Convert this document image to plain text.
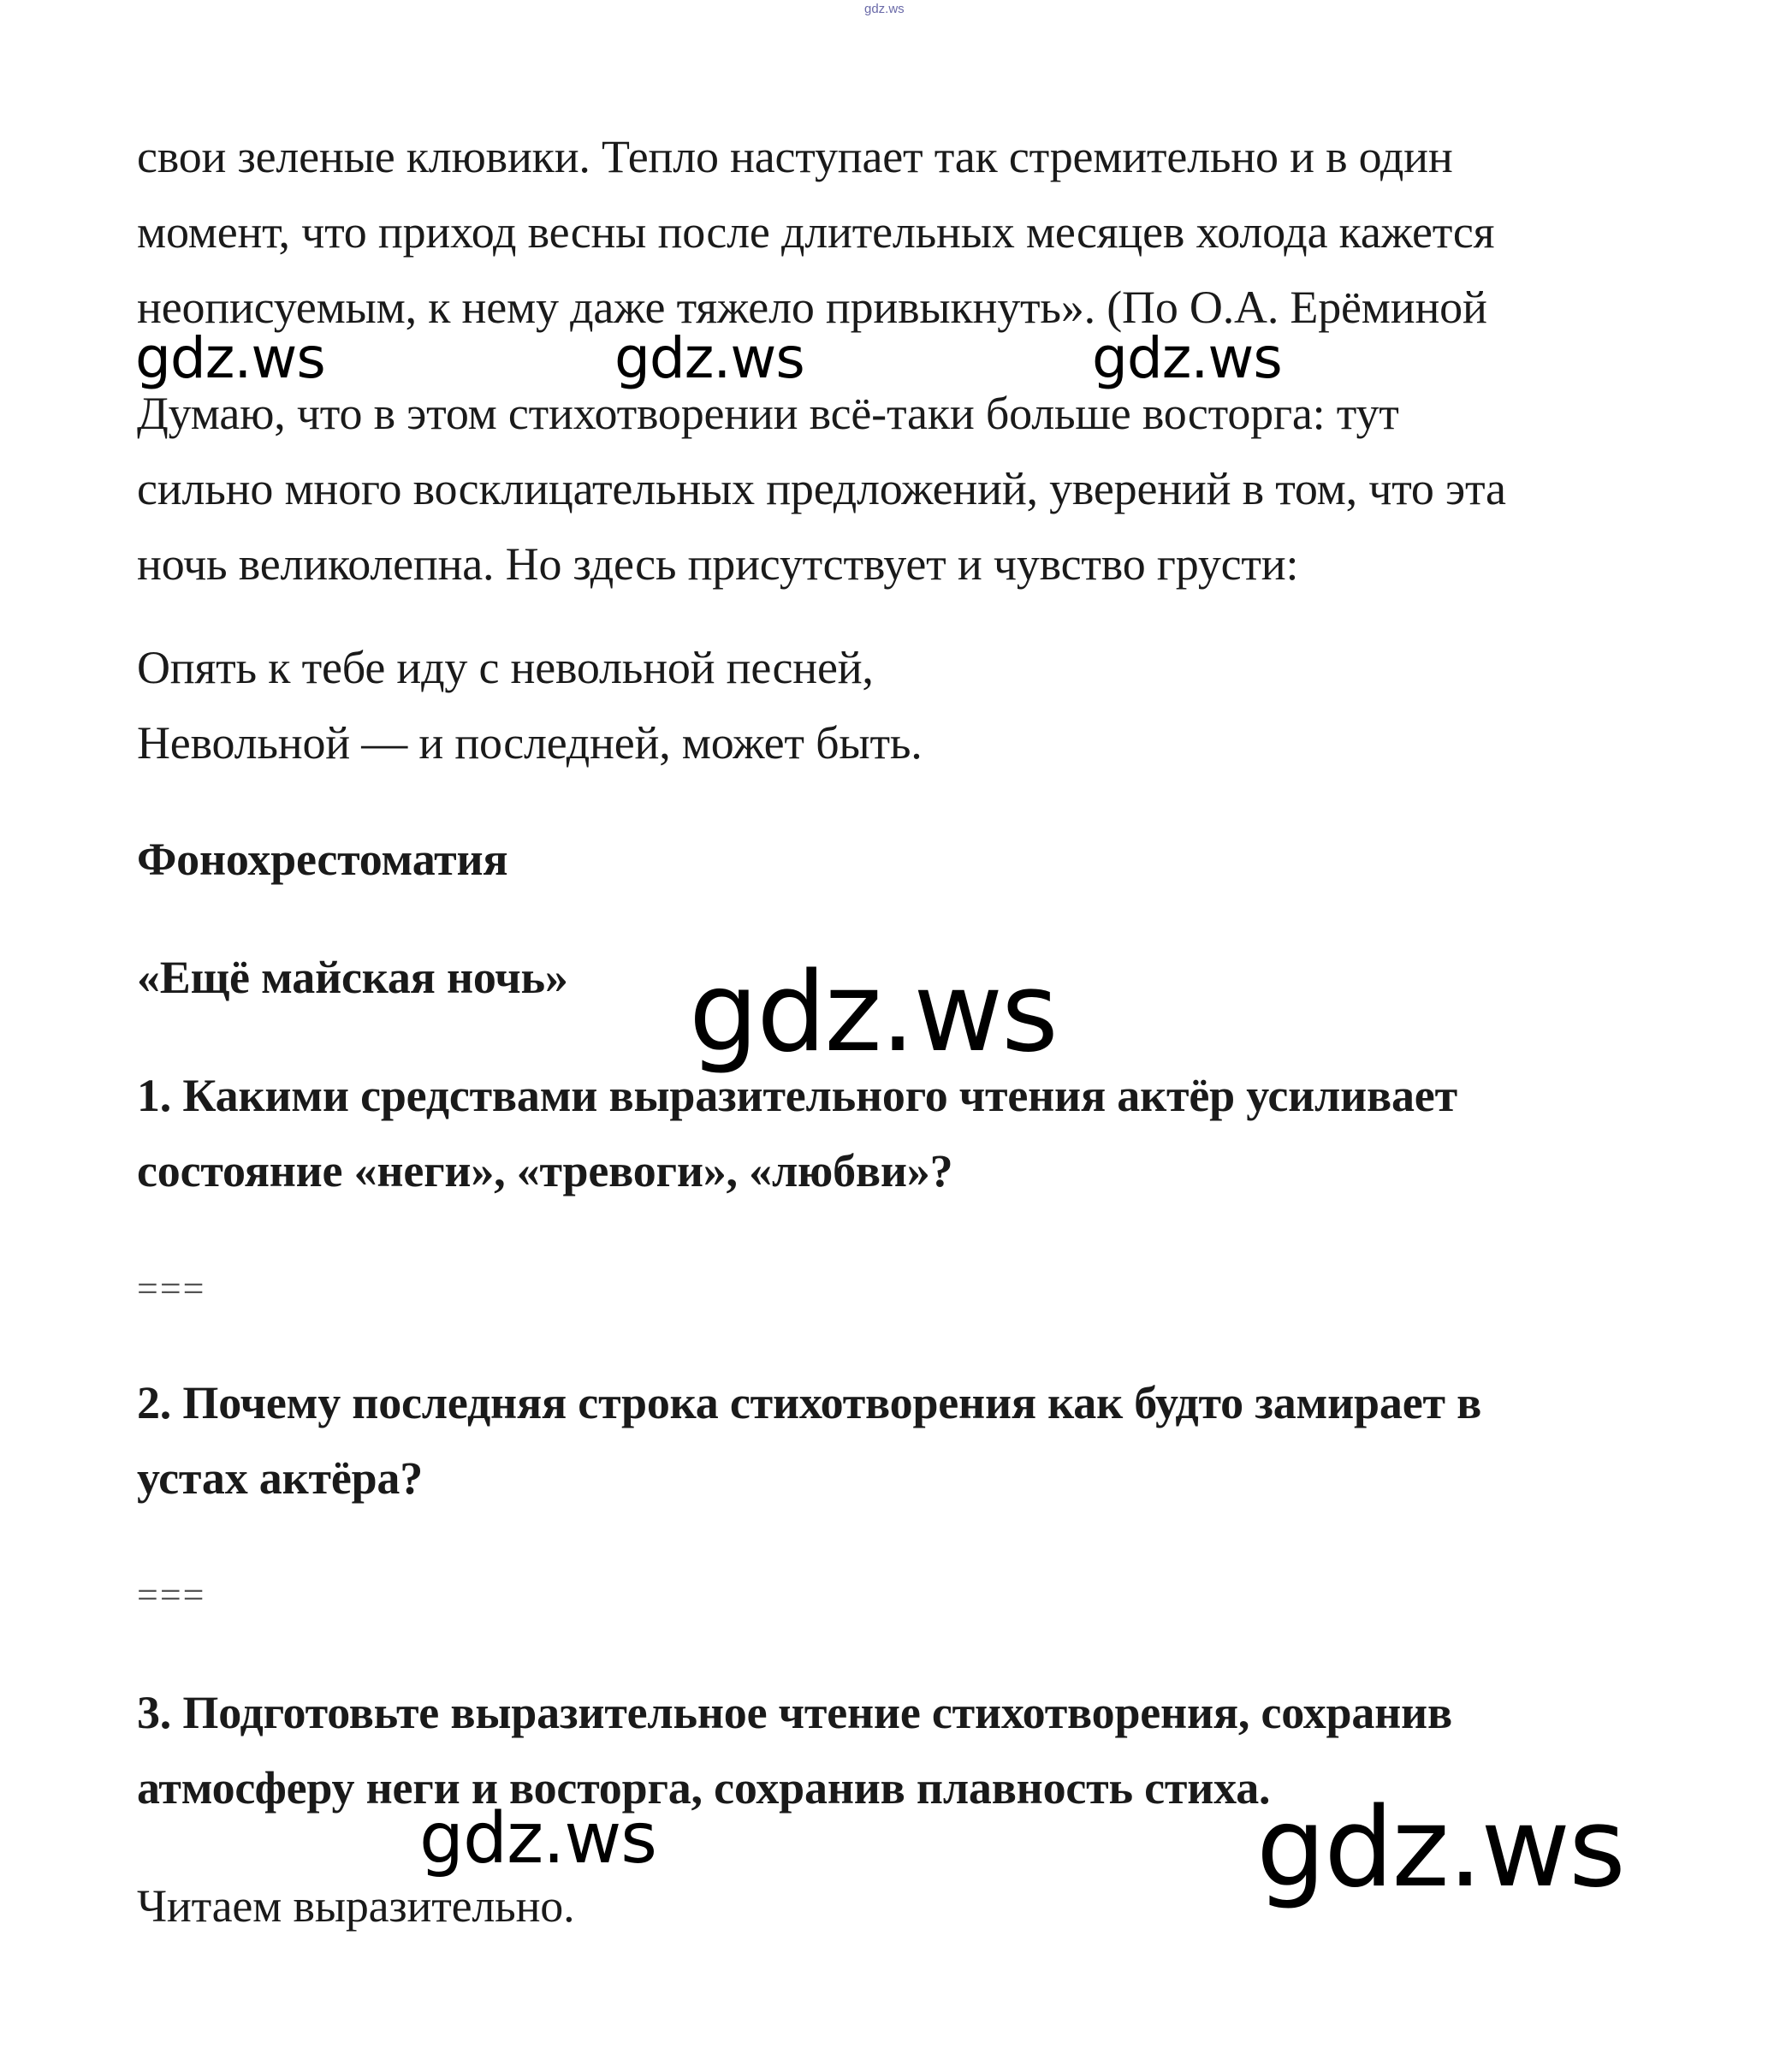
gdz.ws
свои зеленые клювики. Тепло наступает так стремительно и в один
момент, что приход весны после длительных месяцев холода кажется
неописуемым, к нему даже тяжело привыкнуть». (По О.А. Ерёминой
Думаю, что в этом стихотворении всё-таки больше восторга: тут
сильно много восклицательных предложений, уверений в том, что эта
ночь великолепна. Но здесь присутствует и чувство грусти:
Опять к тебе иду с невольной песней,
Невольной — и последней, может быть.
Фонохрестоматия
«Ещё майская ночь»
1. Какими средствами выразительного чтения актёр усиливает
состояние «неги», «тревоги», «любви»?
===
2. Почему последняя строка стихотворения как будто замирает в
устах актёра?
===
3. Подготовьте выразительное чтение стихотворения, сохранив
атмосферу неги и восторга, сохранив плавность стиха.
Читаем выразительно.
gdz.ws	gdz.ws	gdz.ws
gdz.ws
gdz.ws	gdz.ws
